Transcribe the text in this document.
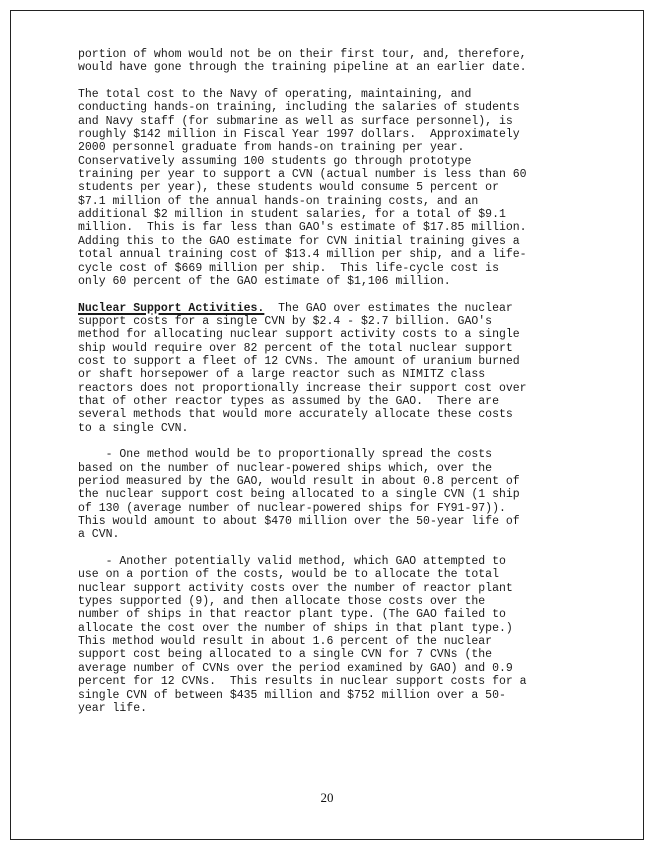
portion of whom would not be on their first tour, and, therefore,
would have gone through the training pipeline at an earlier date.
The total cost to the Navy of operating, maintaining, and
conducting hands-on training, including the salaries of students
and Navy staff (for submarine as well as surface personnel), is
roughly $142 million in Fiscal Year 1997 dollars.  Approximately
2000 personnel graduate from hands-on training per year.
Conservatively assuming 100 students go through prototype
training per year to support a CVN (actual number is less than 60
students per year), these students would consume 5 percent or
$7.1 million of the annual hands-on training costs, and an
additional $2 million in student salaries, for a total of $9.1
million.  This is far less than GAO's estimate of $17.85 million.
Adding this to the GAO estimate for CVN initial training gives a
total annual training cost of $13.4 million per ship, and a life-
cycle cost of $669 million per ship.  This life-cycle cost is
only 60 percent of the GAO estimate of $1,106 million.
Nuclear Support Activities.  The GAO over estimates the nuclear
support costs for a single CVN by $2.4 - $2.7 billion. GAO's
method for allocating nuclear support activity costs to a single
ship would require over 82 percent of the total nuclear support
cost to support a fleet of 12 CVNs. The amount of uranium burned
or shaft horsepower of a large reactor such as NIMITZ class
reactors does not proportionally increase their support cost over
that of other reactor types as assumed by the GAO.  There are
several methods that would more accurately allocate these costs
to a single CVN.
- One method would be to proportionally spread the costs
based on the number of nuclear-powered ships which, over the
period measured by the GAO, would result in about 0.8 percent of
the nuclear support cost being allocated to a single CVN (1 ship
of 130 (average number of nuclear-powered ships for FY91-97)).
This would amount to about $470 million over the 50-year life of
a CVN.
- Another potentially valid method, which GAO attempted to
use on a portion of the costs, would be to allocate the total
nuclear support activity costs over the number of reactor plant
types supported (9), and then allocate those costs over the
number of ships in that reactor plant type. (The GAO failed to
allocate the cost over the number of ships in that plant type.)
This method would result in about 1.6 percent of the nuclear
support cost being allocated to a single CVN for 7 CVNs (the
average number of CVNs over the period examined by GAO) and 0.9
percent for 12 CVNs.  This results in nuclear support costs for a
single CVN of between $435 million and $752 million over a 50-
year life.
20
